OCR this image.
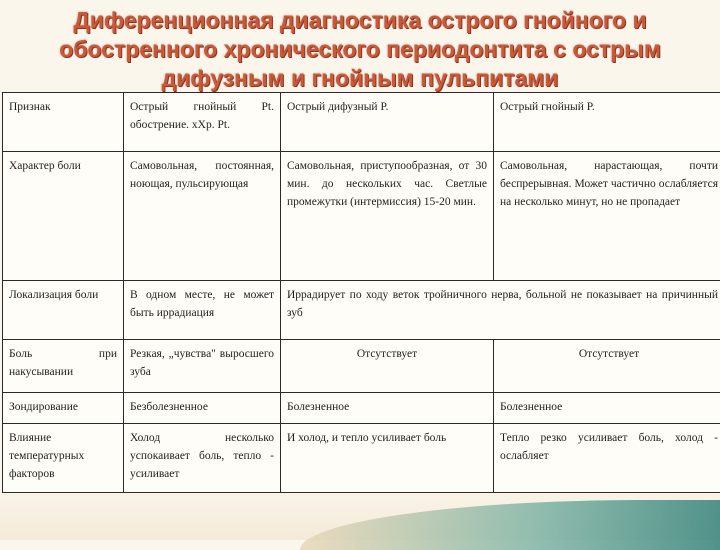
Диференционная диагностика острого гнойного и
обостренного хронического периодонтита с острым
дифузным и гнойным пульпитами
Признак	Острый гнойный Pt. обострение. хХр. Pt.	Острый дифузный P.	Острый гнойный P.
Характер боли	Самовольная, постоянная, ноющая, пульсирующая	Самовольная, приступообразная, от 30 мин. до нескольких час. Светлые промежутки (интермиссия) 15-20 мин.	Самовольная, нарастающая, почти беспрерывная. Может частично ослабляется на несколько минут, но не пропадает
Локализация боли	В одном месте, не может быть иррадиация	Иррадирует по ходу веток тройничного нерва, больной не показывает на причинный зуб	
Боль при накусывании	Резкая, „чувства" выросшего зуба	Отсутствует	Отсутствует
Зондирование	Безболезненное	Болезненное	Болезненное
Влияние температурных факторов	Холод несколько успокаивает боль, тепло - усиливает	И холод, и тепло усиливает боль	Тепло резко усиливает боль, холод - ослабляет
